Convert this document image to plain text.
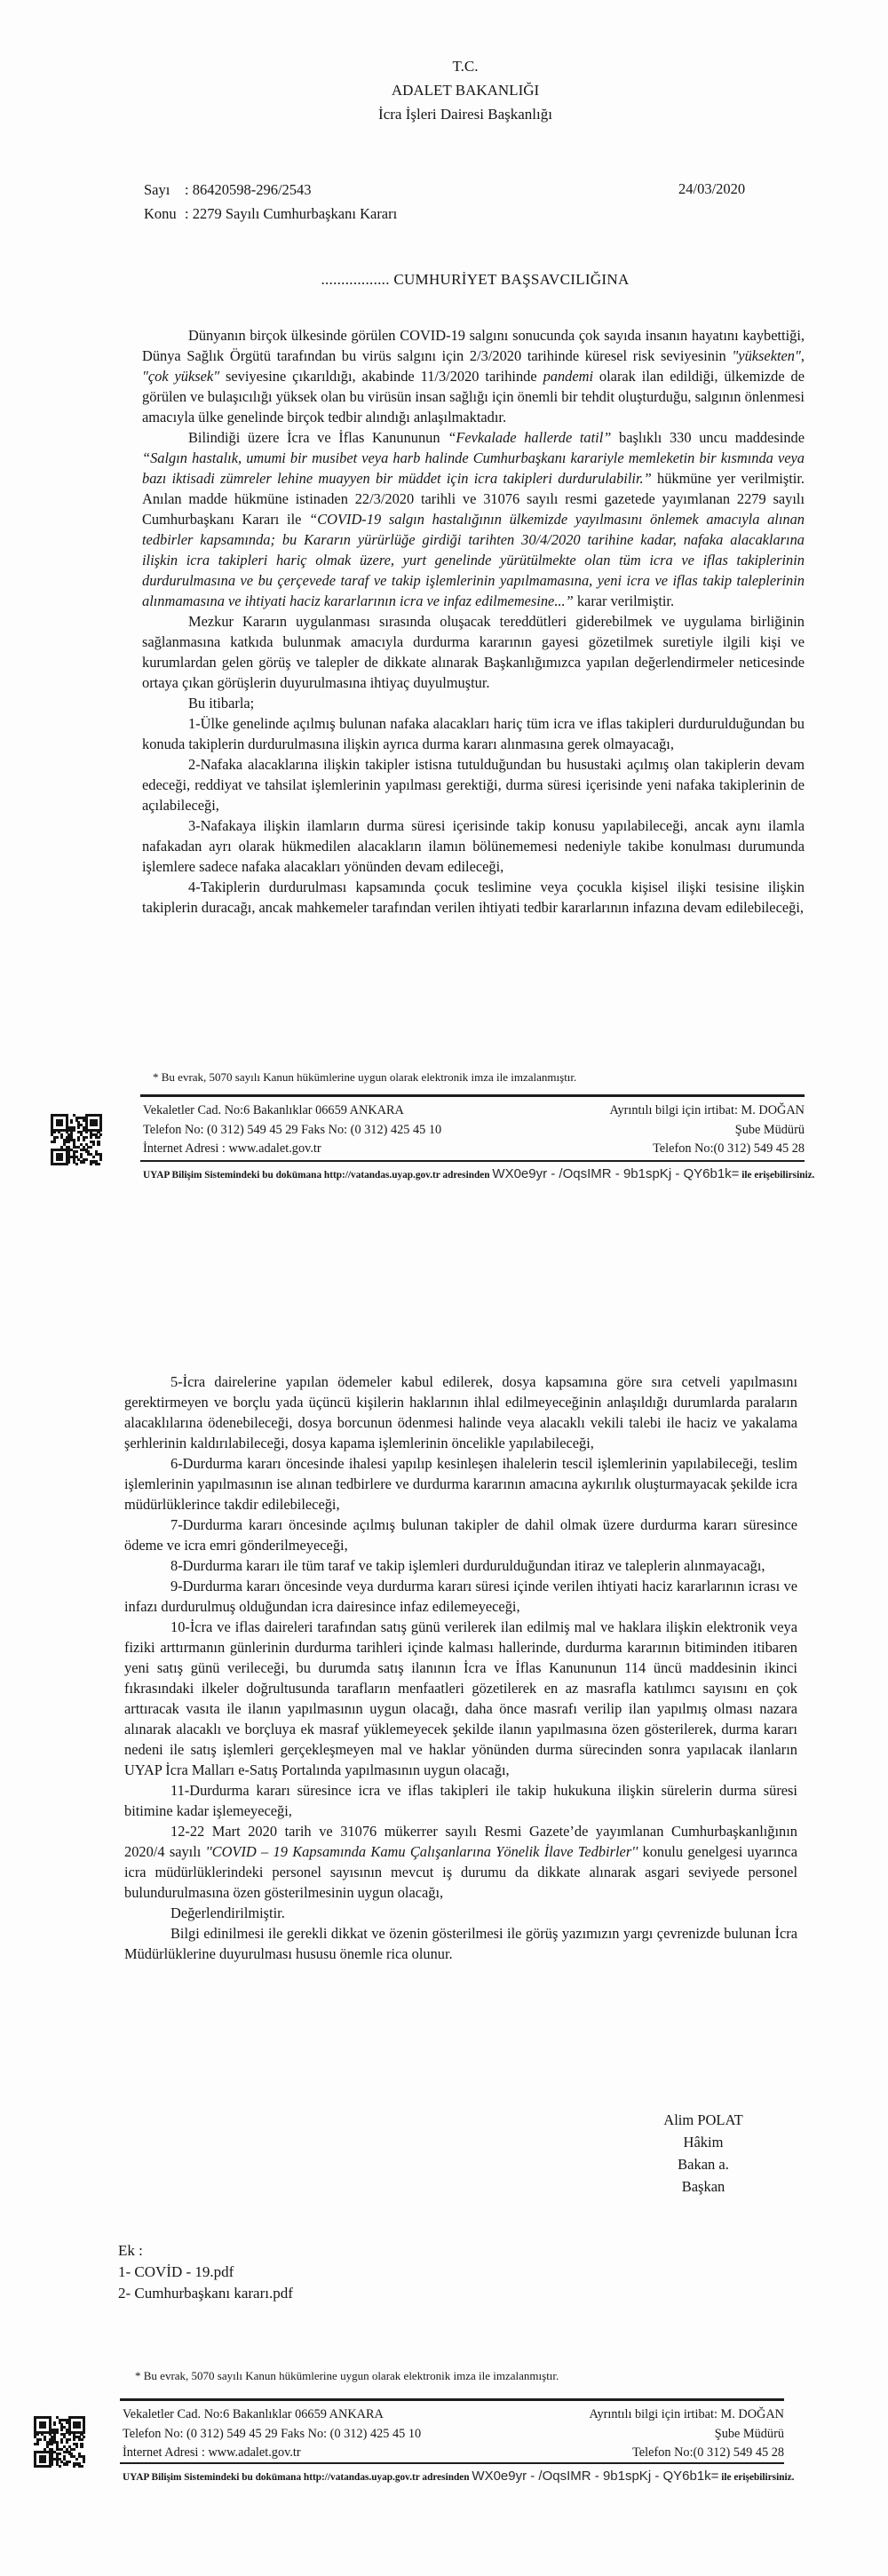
T.C.
ADALET BAKANLIĞI
İcra İşleri Dairesi Başkanlığı
Sayı : 86420598-296/2543
Konu : 2279 Sayılı Cumhurbaşkanı Kararı
24/03/2020
................. CUMHURİYET BAŞSAVCILIĞINA

Dünyanın birçok ülkesinde görülen COVID-19 salgını sonucunda çok sayıda insanın hayatını kaybettiği, Dünya Sağlık Örgütü tarafından bu virüs salgını için 2/3/2020 tarihinde küresel risk seviyesinin "yüksekten", "çok yüksek" seviyesine çıkarıldığı, akabinde 11/3/2020 tarihinde pandemi olarak ilan edildiği, ülkemizde de görülen ve bulaşıcılığı yüksek olan bu virüsün insan sağlığı için önemli bir tehdit oluşturduğu, salgının önlenmesi amacıyla ülke genelinde birçok tedbir alındığı anlaşılmaktadır.

Bilindiği üzere İcra ve İflas Kanununun “Fevkalade hallerde tatil” başlıklı 330 uncu maddesinde “Salgın hastalık, umumi bir musibet veya harb halinde Cumhurbaşkanı karariyle memleketin bir kısmında veya bazı iktisadi zümreler lehine muayyen bir müddet için icra takipleri durdurulabilir.” hükmüne yer verilmiştir. Anılan madde hükmüne istinaden 22/3/2020 tarihli ve 31076 sayılı resmi gazetede yayımlanan 2279 sayılı Cumhurbaşkanı Kararı ile “COVID-19 salgın hastalığının ülkemizde yayılmasını önlemek amacıyla alınan tedbirler kapsamında; bu Kararın yürürlüğe girdiği tarihten 30/4/2020 tarihine kadar, nafaka alacaklarına ilişkin icra takipleri hariç olmak üzere, yurt genelinde yürütülmekte olan tüm icra ve iflas takiplerinin durdurulmasına ve bu çerçevede taraf ve takip işlemlerinin yapılmamasına, yeni icra ve iflas takip taleplerinin alınmamasına ve ihtiyati haciz kararlarının icra ve infaz edilmemesine...” karar verilmiştir.

Mezkur Kararın uygulanması sırasında oluşacak tereddütleri giderebilmek ve uygulama birliğinin sağlanmasına katkıda bulunmak amacıyla durdurma kararının gayesi gözetilmek suretiyle ilgili kişi ve kurumlardan gelen görüş ve talepler de dikkate alınarak Başkanlığımızca yapılan değerlendirmeler neticesinde ortaya çıkan görüşlerin duyurulmasına ihtiyaç duyulmuştur.

Bu itibarla;

1-Ülke genelinde açılmış bulunan nafaka alacakları hariç tüm icra ve iflas takipleri durdurulduğundan bu konuda takiplerin durdurulmasına ilişkin ayrıca durma kararı alınmasına gerek olmayacağı,

2-Nafaka alacaklarına ilişkin takipler istisna tutulduğundan bu husustaki açılmış olan takiplerin devam edeceği, reddiyat ve tahsilat işlemlerinin yapılması gerektiği, durma süresi içerisinde yeni nafaka takiplerinin de açılabileceği,

3-Nafakaya ilişkin ilamların durma süresi içerisinde takip konusu yapılabileceği, ancak aynı ilamla nafakadan ayrı olarak hükmedilen alacakların ilamın bölünememesi nedeniyle takibe konulması durumunda işlemlere sadece nafaka alacakları yönünden devam edileceği,

4-Takiplerin durdurulması kapsamında çocuk teslimine veya çocukla kişisel ilişki tesisine ilişkin takiplerin duracağı, ancak mahkemeler tarafından verilen ihtiyati tedbir kararlarının infazına devam edilebileceği,

* Bu evrak, 5070 sayılı Kanun hükümlerine uygun olarak elektronik imza ile imzalanmıştır.
Vekaletler Cad. No:6 Bakanlıklar 06659 ANKARA
Telefon No: (0 312) 549 45 29 Faks No: (0 312) 425 45 10
İnternet Adresi : www.adalet.gov.tr
Ayrıntılı bilgi için irtibat: M. DOĞAN
Şube Müdürü
Telefon No:(0 312) 549 45 28
UYAP Bilişim Sistemindeki bu dokümana http://vatandas.uyap.gov.tr adresinden WX0e9yr - /OqsIMR - 9b1spKj - QY6b1k= ile erişebilirsiniz.

5-İcra dairelerine yapılan ödemeler kabul edilerek, dosya kapsamına göre sıra cetveli yapılmasını gerektirmeyen ve borçlu yada üçüncü kişilerin haklarının ihlal edilmeyeceğinin anlaşıldığı durumlarda paraların alacaklılarına ödenebileceği, dosya borcunun ödenmesi halinde veya alacaklı vekili talebi ile haciz ve yakalama şerhlerinin kaldırılabileceği, dosya kapama işlemlerinin öncelikle yapılabileceği,

6-Durdurma kararı öncesinde ihalesi yapılıp kesinleşen ihalelerin tescil işlemlerinin yapılabileceği, teslim işlemlerinin yapılmasının ise alınan tedbirlere ve durdurma kararının amacına aykırılık oluşturmayacak şekilde icra müdürlüklerince takdir edilebileceği,

7-Durdurma kararı öncesinde açılmış bulunan takipler de dahil olmak üzere durdurma kararı süresince ödeme ve icra emri gönderilmeyeceği,

8-Durdurma kararı ile tüm taraf ve takip işlemleri durdurulduğundan itiraz ve taleplerin alınmayacağı,

9-Durdurma kararı öncesinde veya durdurma kararı süresi içinde verilen ihtiyati haciz kararlarının icrası ve infazı durdurulmuş olduğundan icra dairesince infaz edilemeyeceği,

10-İcra ve iflas daireleri tarafından satış günü verilerek ilan edilmiş mal ve haklara ilişkin elektronik veya fiziki arttırmanın günlerinin durdurma tarihleri içinde kalması hallerinde, durdurma kararının bitiminden itibaren yeni satış günü verileceği, bu durumda satış ilanının İcra ve İflas Kanununun 114 üncü maddesinin ikinci fıkrasındaki ilkeler doğrultusunda tarafların menfaatleri gözetilerek en az masrafla katılımcı sayısını en çok arttıracak vasıta ile ilanın yapılmasının uygun olacağı, daha önce masrafı verilip ilan yapılmış olması nazara alınarak alacaklı ve borçluya ek masraf yüklemeyecek şekilde ilanın yapılmasına özen gösterilerek, durma kararı nedeni ile satış işlemleri gerçekleşmeyen mal ve haklar yönünden durma sürecinden sonra yapılacak ilanların UYAP İcra Malları e-Satış Portalında yapılmasının uygun olacağı,

11-Durdurma kararı süresince icra ve iflas takipleri ile takip hukukuna ilişkin sürelerin durma süresi bitimine kadar işlemeyeceği,

12-22 Mart 2020 tarih ve 31076 mükerrer sayılı Resmi Gazete’de yayımlanan Cumhurbaşkanlığının 2020/4 sayılı ''COVID – 19 Kapsamında Kamu Çalışanlarına Yönelik İlave Tedbirler'' konulu genelgesi uyarınca icra müdürlüklerindeki personel sayısının mevcut iş durumu da dikkate alınarak asgari seviyede personel bulundurulmasına özen gösterilmesinin uygun olacağı,

Değerlendirilmiştir.

Bilgi edinilmesi ile gerekli dikkat ve özenin gösterilmesi ile görüş yazımızın yargı çevrenizde bulunan İcra Müdürlüklerine duyurulması hususu önemle rica olunur.

Alim POLAT
Hâkim
Bakan a.
Başkan
Ek :
1- COVİD - 19.pdf
2- Cumhurbaşkanı kararı.pdf
* Bu evrak, 5070 sayılı Kanun hükümlerine uygun olarak elektronik imza ile imzalanmıştır.
Vekaletler Cad. No:6 Bakanlıklar 06659 ANKARA
Telefon No: (0 312) 549 45 29 Faks No: (0 312) 425 45 10
İnternet Adresi : www.adalet.gov.tr
Ayrıntılı bilgi için irtibat: M. DOĞAN
Şube Müdürü
Telefon No:(0 312) 549 45 28
UYAP Bilişim Sistemindeki bu dokümana http://vatandas.uyap.gov.tr adresinden WX0e9yr - /OqsIMR - 9b1spKj - QY6b1k= ile erişebilirsiniz.
